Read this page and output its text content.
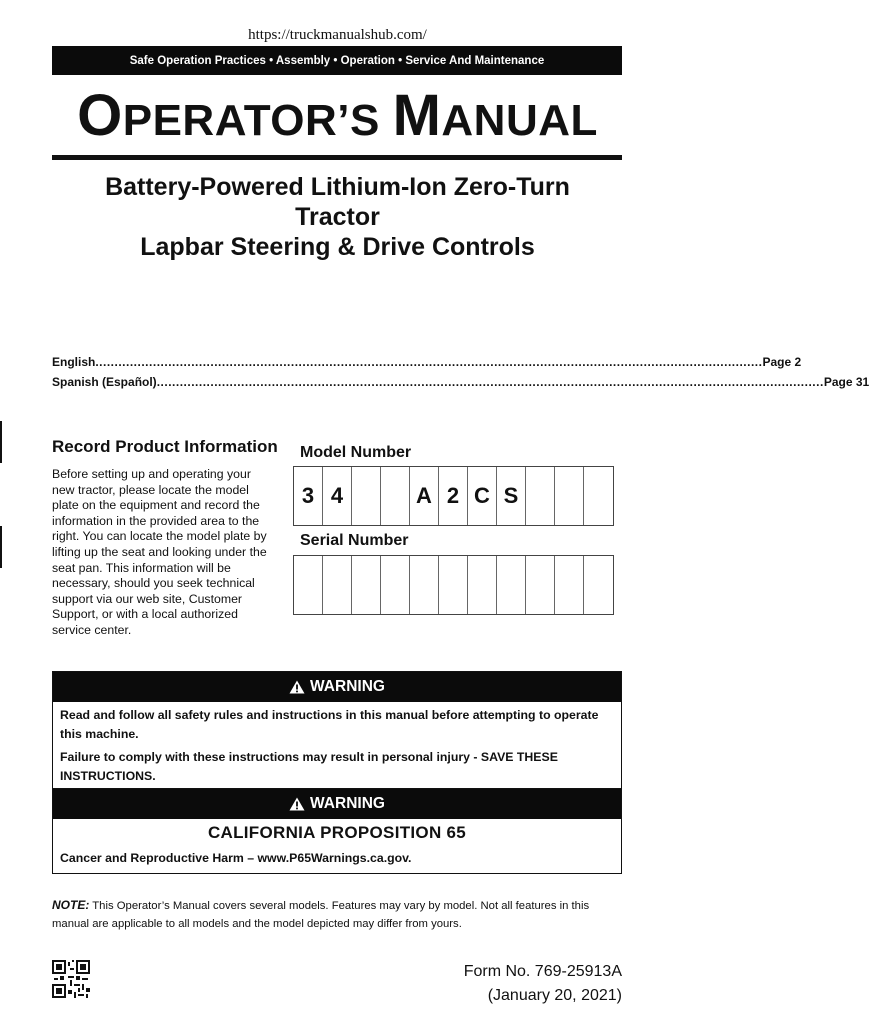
https://truckmanualshub.com/
Safe Operation Practices • Assembly • Operation • Service And Maintenance
OPERATOR’S MANUAL
Battery-Powered Lithium-Ion Zero-Turn
Tractor
Lapbar Steering & Drive Controls
English .............................................................................................................................................................................. Page 2
Spanish (Español) .............................................................................................................................................................................. Page 31
Record Product Information
Before setting up and operating your new tractor, please locate the model plate on the equipment and record the information in the provided area to the right. You can locate the model plate by lifting up the seat and looking under the seat pan. This information will be necessary, should you seek technical support via our web site, Customer Support, or with a local authorized service center.
Model Number
3 4	A 2 C S
Serial Number
WARNING
Read and follow all safety rules and instructions in this manual before attempting to operate this machine.
Failure to comply with these instructions may result in personal injury - SAVE THESE INSTRUCTIONS.
WARNING
CALIFORNIA PROPOSITION 65
Cancer and Reproductive Harm – www.P65Warnings.ca.gov.
NOTE: This Operator’s Manual covers several models. Features may vary by model. Not all features in this manual are applicable to all models and the model depicted may differ from yours.
Form No. 769-25913A
(January 20, 2021)
